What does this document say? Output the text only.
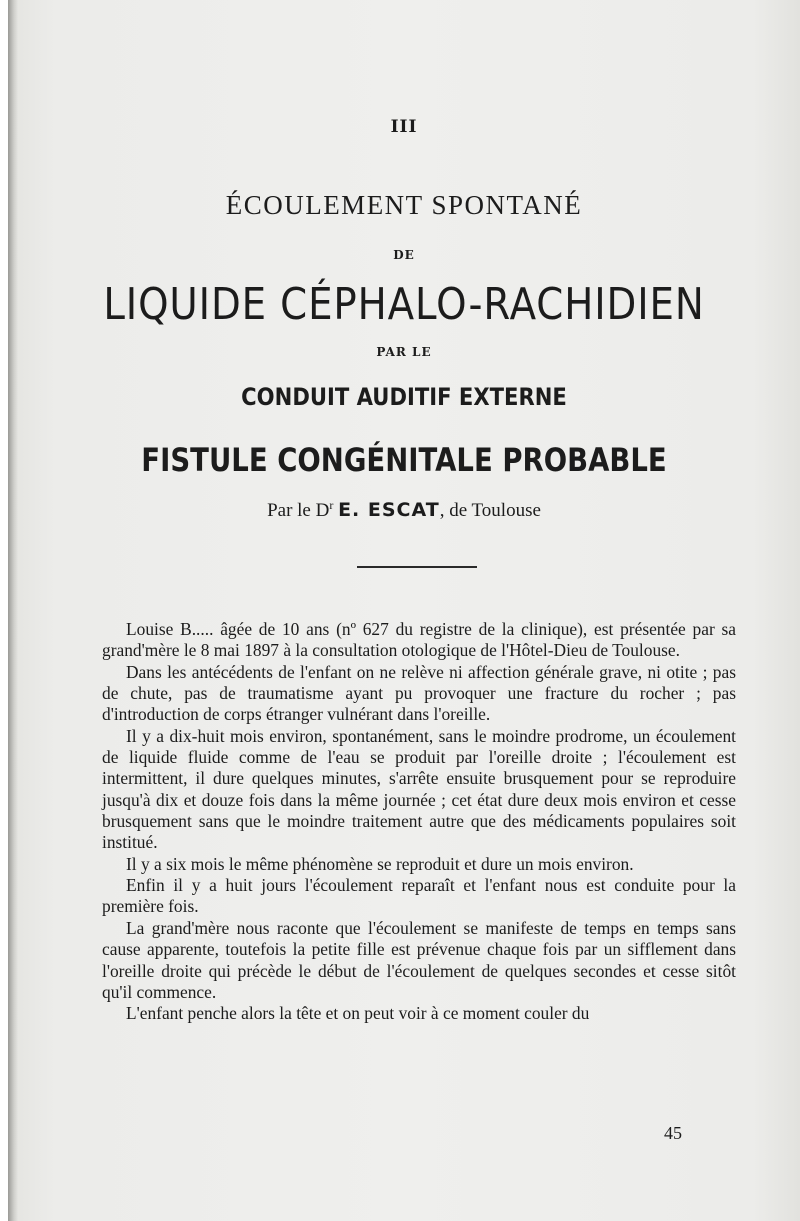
III
ÉCOULEMENT SPONTANÉ
DE
LIQUIDE CÉPHALO-RACHIDIEN
PAR LE
CONDUIT AUDITIF EXTERNE
FISTULE CONGÉNITALE PROBABLE
Par le $D^r$ E. ESCAT, de Toulouse

Louise B..... âgée de 10 ans (nº 627 du registre de la clinique), est présentée par sa grand'mère le 8 mai 1897 à la consultation otologique de l'Hôtel-Dieu de Toulouse.

Dans les antécédents de l'enfant on ne relève ni affection générale grave, ni otite ; pas de chute, pas de traumatisme ayant pu provoquer une fracture du rocher ; pas d'introduction de corps étranger vulnérant dans l'oreille.

Il y a dix-huit mois environ, spontanément, sans le moindre prodrome, un écoulement de liquide fluide comme de l'eau se produit par l'oreille droite ; l'écoulement est intermittent, il dure quelques minutes, s'arrête ensuite brusquement pour se reproduire jusqu'à dix et douze fois dans la même journée ; cet état dure deux mois environ et cesse brusquement sans que le moindre traitement autre que des médicaments populaires soit institué.

Il y a six mois le même phénomène se reproduit et dure un mois environ.

Enfin il y a huit jours l'écoulement reparaît et l'enfant nous est conduite pour la première fois.

La grand'mère nous raconte que l'écoulement se manifeste de temps en temps sans cause apparente, toutefois la petite fille est prévenue chaque fois par un sifflement dans l'oreille droite qui précède le début de l'écoulement de quelques secondes et cesse sitôt qu'il commence.

L'enfant penche alors la tête et on peut voir à ce moment couler du

45
